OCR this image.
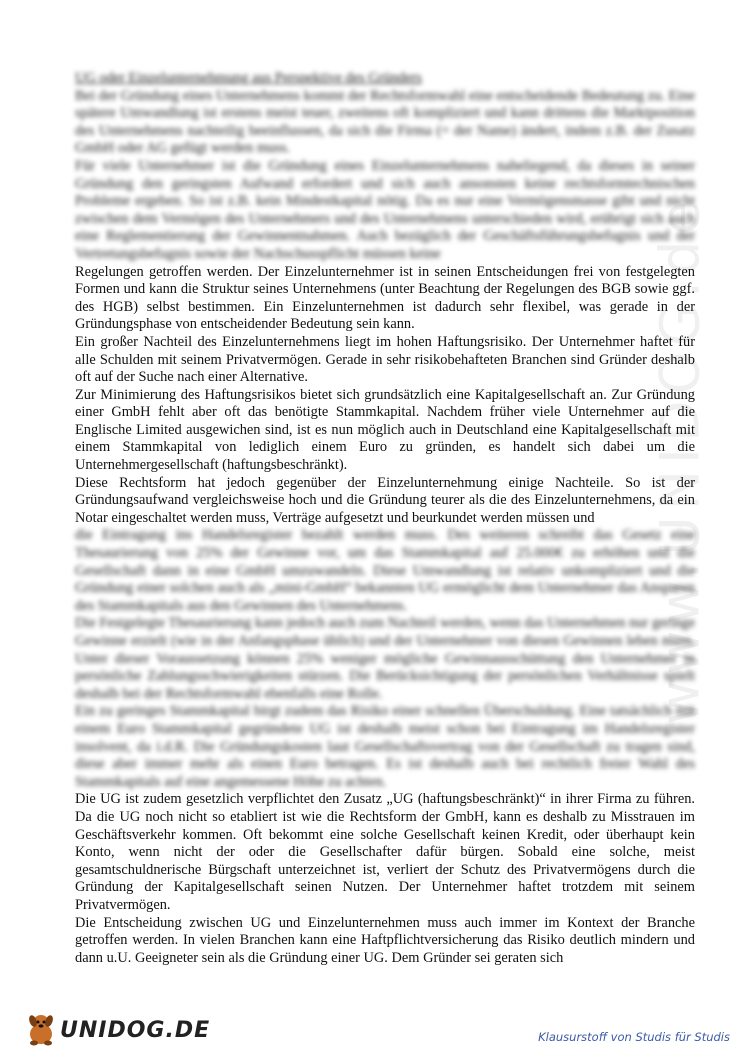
www.UNIDOG.de

UG oder Einzelunternehmung aus Perspektive des Gründers

Bei der Gründung eines Unternehmens kommt der Rechtsformwahl eine entscheidende Bedeutung zu. Eine spätere Umwandlung ist erstens meist teuer, zweitens oft kompliziert und kann drittens die Marktposition des Unternehmens nachteilig beeinflussen, da sich die Firma (= der Name) ändert, indem z.B. der Zusatz GmbH oder AG gefügt werden muss.

Für viele Unternehmer ist die Gründung eines Einzelunternehmens naheliegend, da dieses in seiner Gründung den geringsten Aufwand erfordert und sich auch ansonsten keine rechtsformtechnischen Probleme ergeben. So ist z.B. kein Mindestkapital nötig. Da es nur eine Vermögensmasse gibt und nicht zwischen dem Vermögen des Unternehmers und des Unternehmens unterschieden wird, erübrigt sich auch eine Reglementierung der Gewinnentnahmen. Auch bezüglich der Geschäftsführungsbefugnis und der Vertretungsbefugnis sowie der Nachschusspflicht müssen keine

Regelungen getroffen werden. Der Einzelunternehmer ist in seinen Entscheidungen frei von festgelegten Formen und kann die Struktur seines Unternehmens (unter Beachtung der Regelungen des BGB sowie ggf. des HGB) selbst bestimmen. Ein Einzelunternehmen ist dadurch sehr flexibel, was gerade in der Gründungsphase von entscheidender Bedeutung sein kann.

Ein großer Nachteil des Einzelunternehmens liegt im hohen Haftungsrisiko. Der Unternehmer haftet für alle Schulden mit seinem Privatvermögen. Gerade in sehr risikobehafteten Branchen sind Gründer deshalb oft auf der Suche nach einer Alternative.

Zur Minimierung des Haftungsrisikos bietet sich grundsätzlich eine Kapitalgesellschaft an. Zur Gründung einer GmbH fehlt aber oft das benötigte Stammkapital. Nachdem früher viele Unternehmer auf die Englische Limited ausgewichen sind, ist es nun möglich auch in Deutschland eine Kapitalgesellschaft mit einem Stammkapital von lediglich einem Euro zu gründen, es handelt sich dabei um die Unternehmergesellschaft (haftungsbeschränkt).

Diese Rechtsform hat jedoch gegenüber der Einzelunternehmung einige Nachteile. So ist der Gründungsaufwand vergleichsweise hoch und die Gründung teurer als die des Einzelunternehmens, da ein Notar eingeschaltet werden muss, Verträge aufgesetzt und beurkundet werden müssen und

die Eintragung ins Handelsregister bezahlt werden muss. Des weiteren schreibt das Gesetz eine Thesaurierung von 25% der Gewinne vor, um das Stammkapital auf 25.000€ zu erhöhen und die Gesellschaft dann in eine GmbH umzuwandeln. Diese Umwandlung ist relativ unkompliziert und die Gründung einer solchen auch als „mini-GmbH“ bekannten UG ermöglicht dem Unternehmer das Ansparen des Stammkapitals aus den Gewinnen des Unternehmens.

Die Festgelegte Thesaurierung kann jedoch auch zum Nachteil werden, wenn das Unternehmen nur geringe Gewinne erzielt (wie in der Anfangsphase üblich) und der Unternehmer von diesen Gewinnen leben muss. Unter dieser Voraussetzung können 25% weniger mögliche Gewinnausschüttung den Unternehmer in persönliche Zahlungsschwierigkeiten stürzen. Die Berücksichtigung der persönlichen Verhältnisse spielt deshalb bei der Rechtsformwahl ebenfalls eine Rolle.

Ein zu geringes Stammkapital birgt zudem das Risiko einer schnellen Überschuldung. Eine tatsächlich mit einem Euro Stammkapital gegründete UG ist deshalb meist schon bei Eintragung im Handelsregister insolvent, da i.d.R. Die Gründungskosten laut Gesellschaftsvertrag von der Gesellschaft zu tragen sind, diese aber immer mehr als einen Euro betragen. Es ist deshalb auch bei rechtlich freier Wahl des Stammkapitals auf eine angemessene Höhe zu achten.

Die UG ist zudem gesetzlich verpflichtet den Zusatz „UG (haftungsbeschränkt)“ in ihrer Firma zu führen. Da die UG noch nicht so etabliert ist wie die Rechtsform der GmbH, kann es deshalb zu Misstrauen im Geschäftsverkehr kommen. Oft bekommt eine solche Gesellschaft keinen Kredit, oder überhaupt kein Konto, wenn nicht der oder die Gesellschafter dafür bürgen. Sobald eine solche, meist gesamtschuldnerische Bürgschaft unterzeichnet ist, verliert der Schutz des Privatvermögens durch die Gründung der Kapitalgesellschaft seinen Nutzen. Der Unternehmer haftet trotzdem mit seinem Privatvermögen.

Die Entscheidung zwischen UG und Einzelunternehmen muss auch immer im Kontext der Branche getroffen werden. In vielen Branchen kann eine Haftpflichtversicherung das Risiko deutlich mindern und dann u.U. Geeigneter sein als die Gründung einer UG. Dem Gründer sei geraten sich

UNIDOG.DE	Klausurstoff von Studis für Studis
